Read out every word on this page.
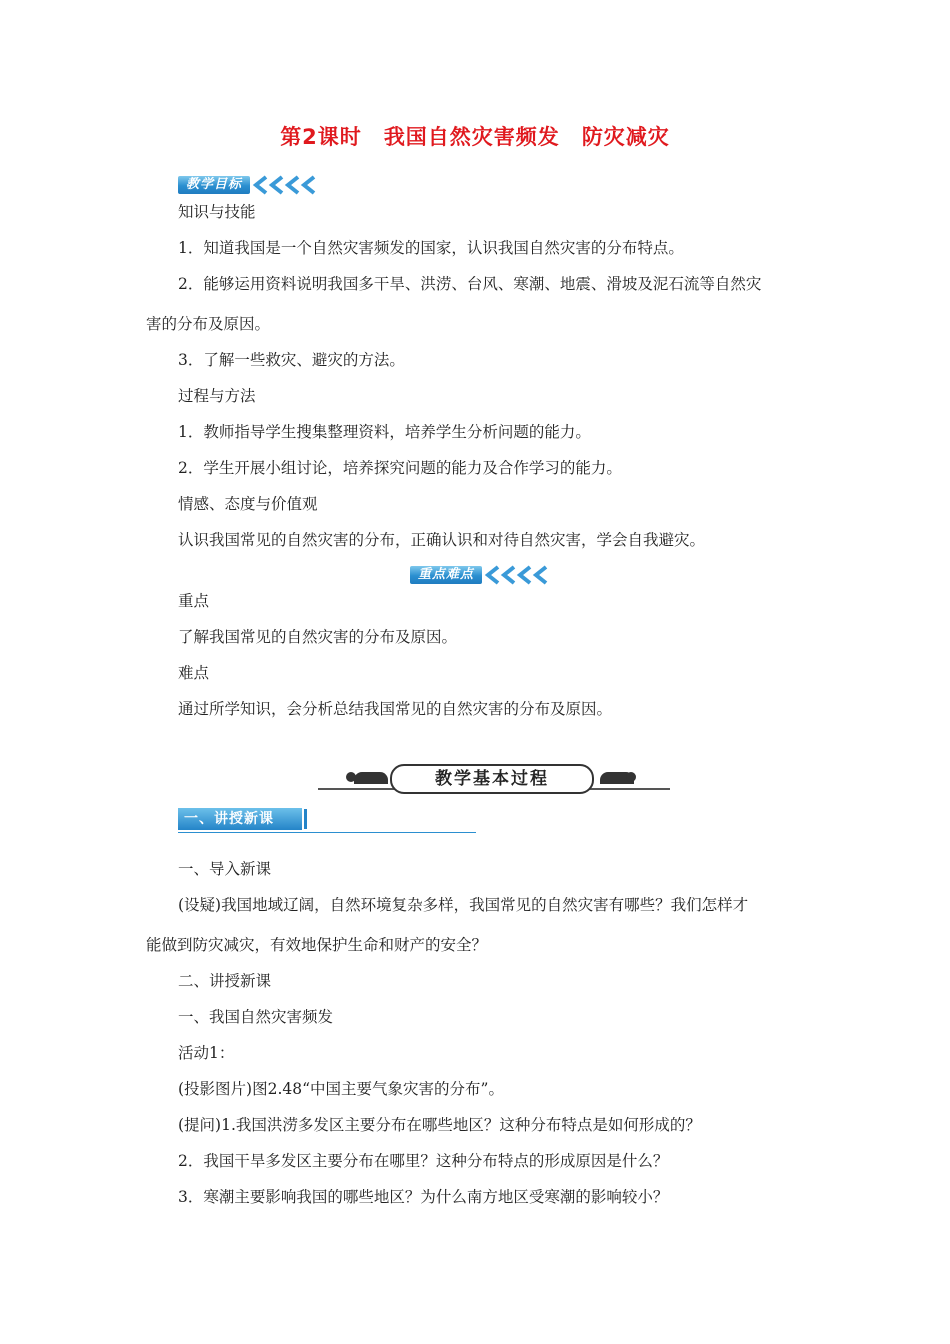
第2课时 我国自然灾害频发 防灾减灾
教学目标
知识与技能
1．知道我国是一个自然灾害频发的国家，认识我国自然灾害的分布特点。
2．能够运用资料说明我国多干旱、洪涝、台风、寒潮、地震、滑坡及泥石流等自然灾
害的分布及原因。
3．了解一些救灾、避灾的方法。
过程与方法
1．教师指导学生搜集整理资料，培养学生分析问题的能力。
2．学生开展小组讨论，培养探究问题的能力及合作学习的能力。
情感、态度与价值观
认识我国常见的自然灾害的分布，正确认识和对待自然灾害，学会自我避灾。
重点难点
重点
了解我国常见的自然灾害的分布及原因。
难点
通过所学知识，会分析总结我国常见的自然灾害的分布及原因。
教学基本过程
一、讲授新课
一、导入新课
(设疑)我国地域辽阔，自然环境复杂多样，我国常见的自然灾害有哪些？我们怎样才
能做到防灾减灾，有效地保护生命和财产的安全？
二、讲授新课
一、我国自然灾害频发
活动1：
(投影图片)图2.48“中国主要气象灾害的分布”。
(提问)1.我国洪涝多发区主要分布在哪些地区？这种分布特点是如何形成的？
2．我国干旱多发区主要分布在哪里？这种分布特点的形成原因是什么？
3．寒潮主要影响我国的哪些地区？为什么南方地区受寒潮的影响较小？
